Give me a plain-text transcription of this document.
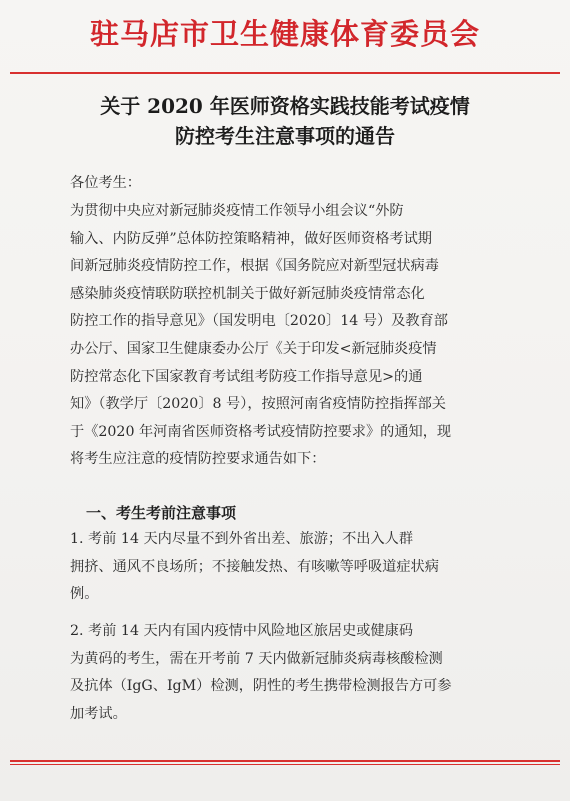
驻马店市卫生健康体育委员会
关于 2020 年医师资格实践技能考试疫情
防控考生注意事项的通告
各位考生：
为贯彻中央应对新冠肺炎疫情工作领导小组会议“外防
输入、内防反弹”总体防控策略精神，做好医师资格考试期
间新冠肺炎疫情防控工作，根据《国务院应对新型冠状病毒
感染肺炎疫情联防联控机制关于做好新冠肺炎疫情常态化
防控工作的指导意见》（国发明电〔2020〕14 号）及教育部
办公厅、国家卫生健康委办公厅《关于印发<新冠肺炎疫情
防控常态化下国家教育考试组考防疫工作指导意见>的通
知》（教学厅〔2020〕8 号），按照河南省疫情防控指挥部关
于《2020 年河南省医师资格考试疫情防控要求》的通知，现
将考生应注意的疫情防控要求通告如下：
一、考生考前注意事项
1. 考前 14 天内尽量不到外省出差、旅游；不出入人群
拥挤、通风不良场所；不接触发热、有咳嗽等呼吸道症状病
例。
2. 考前 14 天内有国内疫情中风险地区旅居史或健康码
为黄码的考生，需在开考前 7 天内做新冠肺炎病毒核酸检测
及抗体（IgG、IgM）检测，阴性的考生携带检测报告方可参
加考试。
